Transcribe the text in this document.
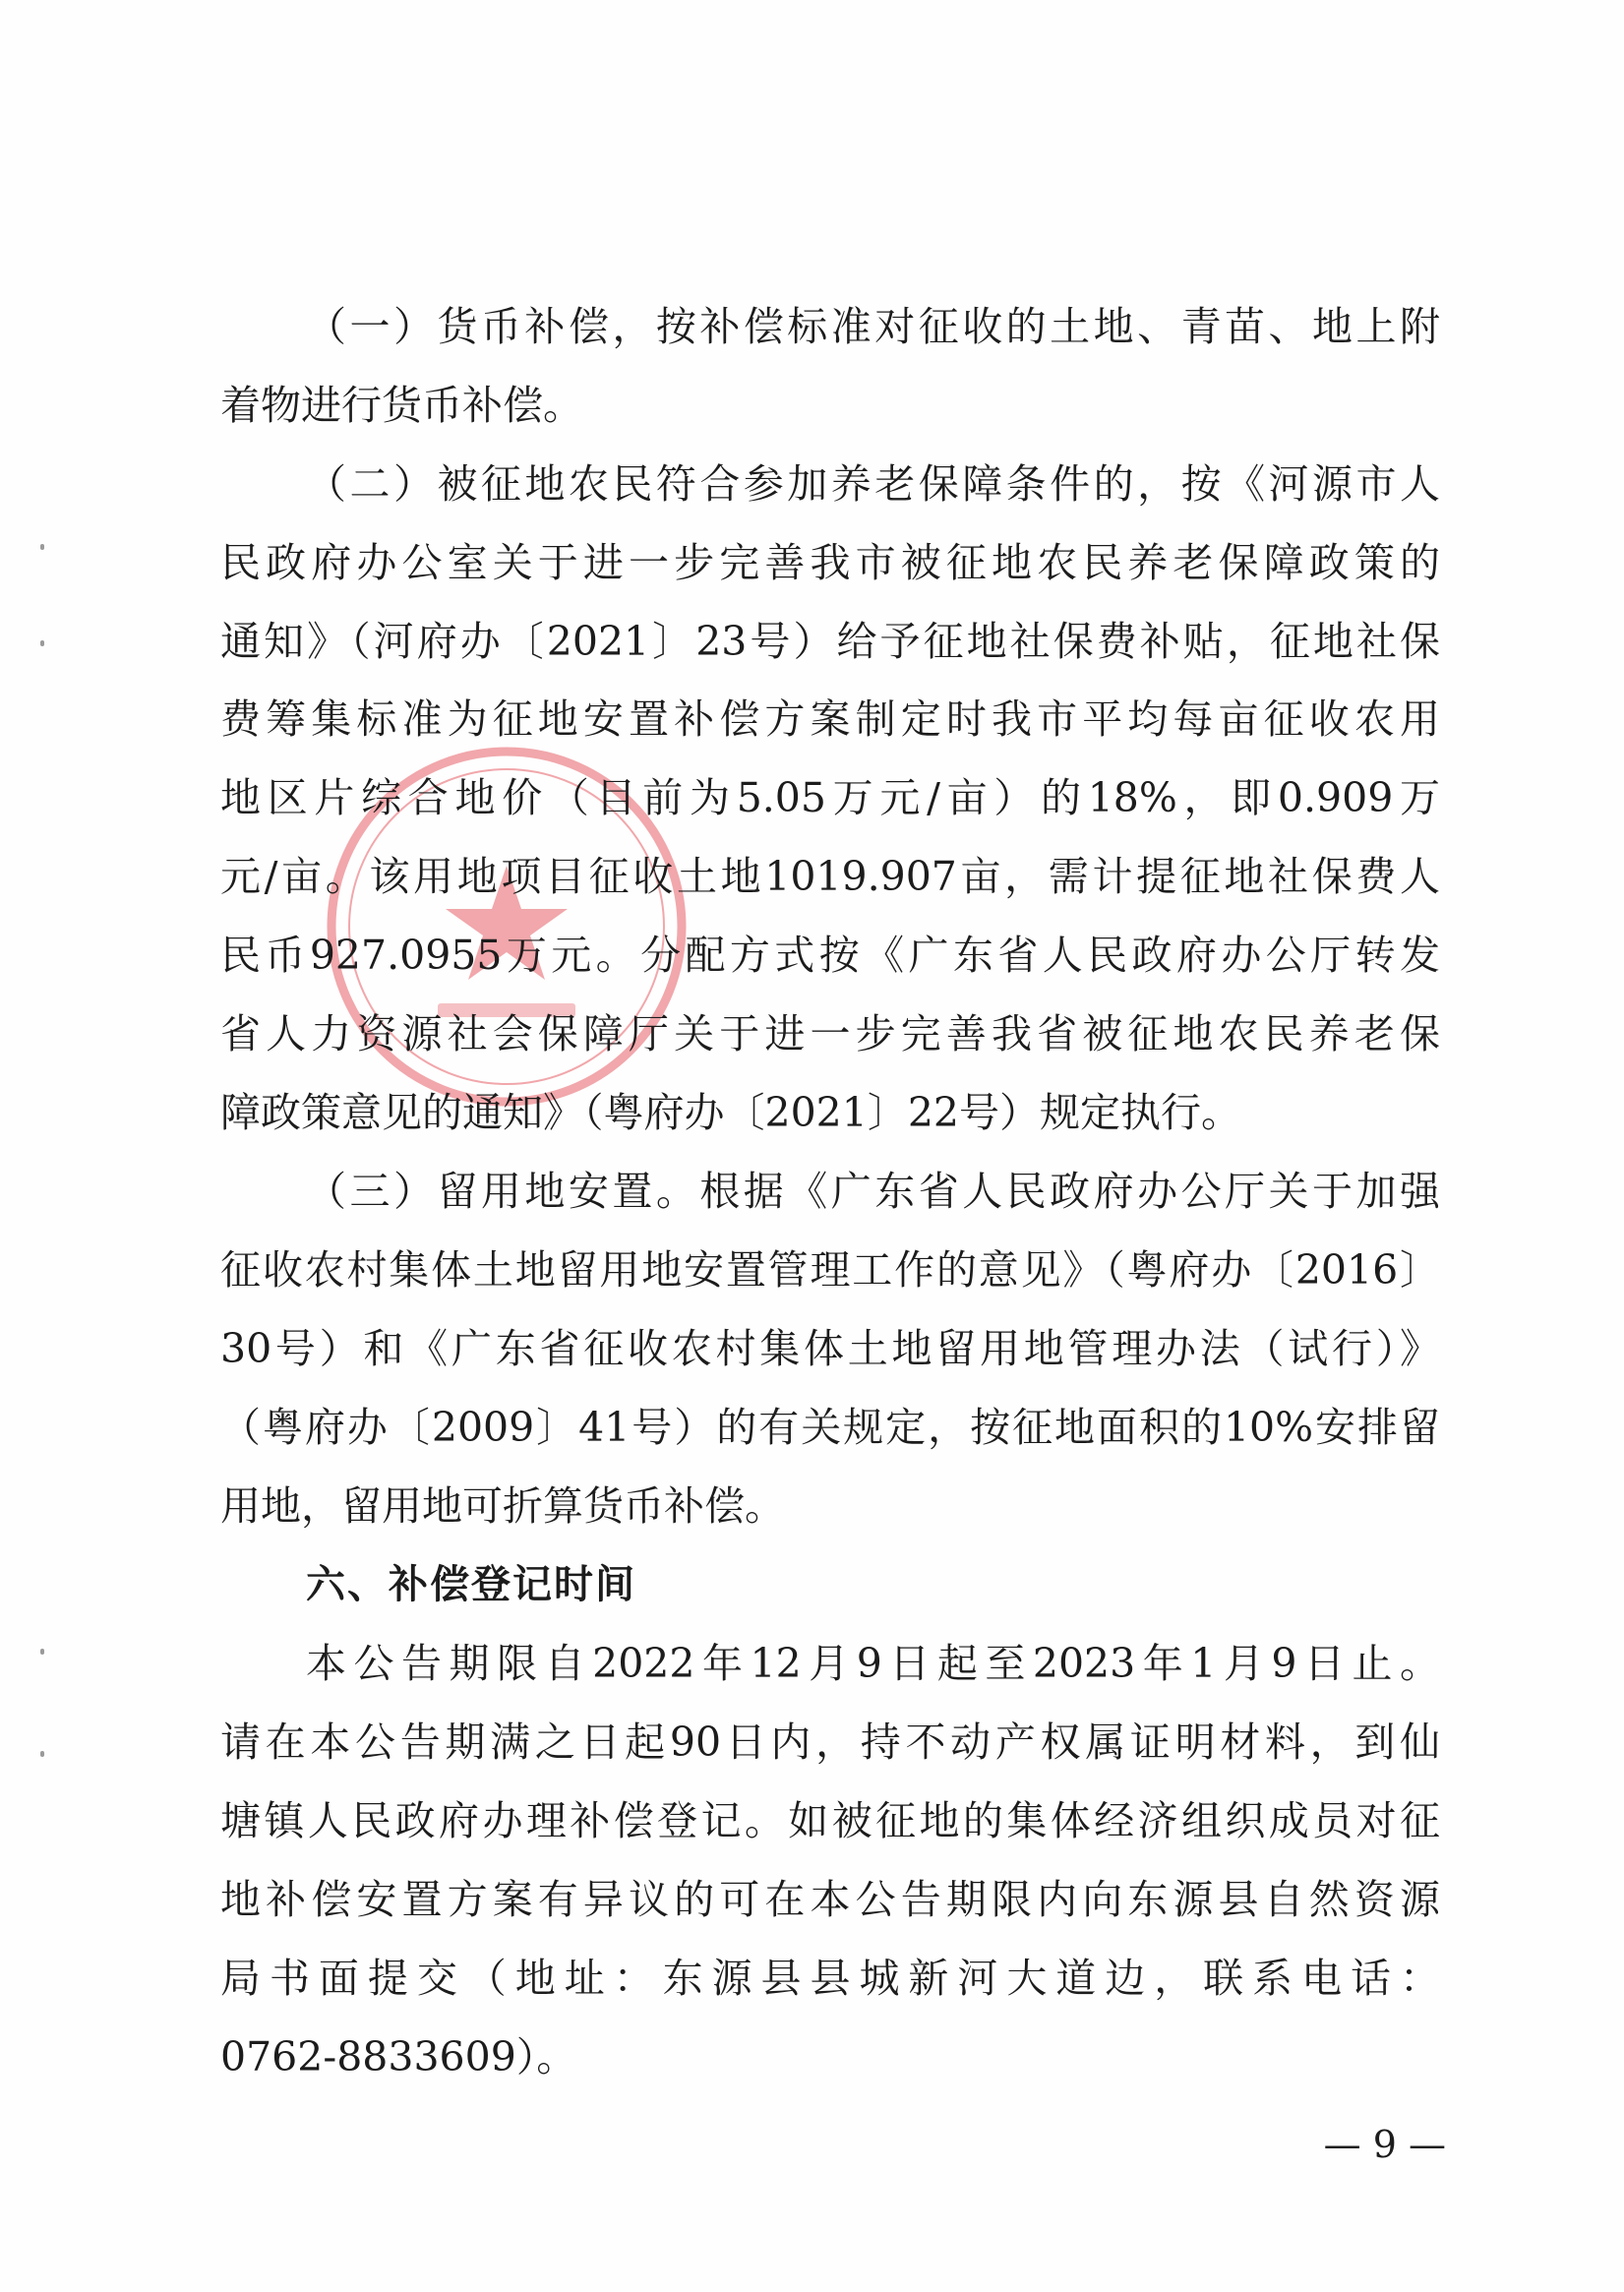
（一）货币补偿，按补偿标准对征收的土地、青苗、地上附
着物进行货币补偿。
（二）被征地农民符合参加养老保障条件的，按《河源市人
民政府办公室关于进一步完善我市被征地农民养老保障政策的
通知》（河府办〔2021〕23号）给予征地社保费补贴，征地社保
费筹集标准为征地安置补偿方案制定时我市平均每亩征收农用
地区片综合地价（目前为5.05万元/亩）的18%，即0.909万
元/亩。该用地项目征收土地1019.907亩，需计提征地社保费人
民币927.0955万元。分配方式按《广东省人民政府办公厅转发
省人力资源社会保障厅关于进一步完善我省被征地农民养老保
障政策意见的通知》（粤府办〔2021〕22号）规定执行。
（三）留用地安置。根据《广东省人民政府办公厅关于加强
征收农村集体土地留用地安置管理工作的意见》（粤府办〔2016〕
30号）和《广东省征收农村集体土地留用地管理办法（试行）》
（粤府办〔2009〕41号）的有关规定，按征地面积的10%安排留
用地，留用地可折算货币补偿。
六、补偿登记时间
本公告期限自2022年12月9日起至2023年1月9日止。
请在本公告期满之日起90日内，持不动产权属证明材料，到仙
塘镇人民政府办理补偿登记。如被征地的集体经济组织成员对征
地补偿安置方案有异议的可在本公告期限内向东源县自然资源
局书面提交（地址：东源县县城新河大道边，联系电话：
0762-8833609）。
— 9 —
